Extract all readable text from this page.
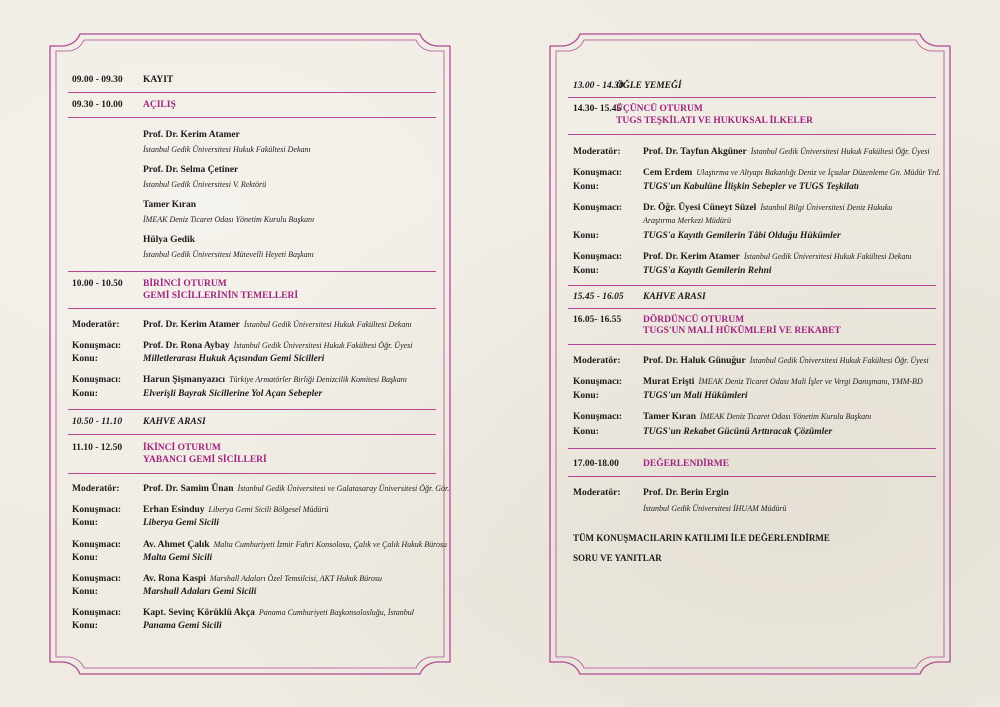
09.00 - 09.30 KAYIT
09.30 - 10.00 AÇILIŞ
Prof. Dr. Kerim Atamer
İstanbul Gedik Üniversitesi Hukuk Fakültesi Dekanı
Prof. Dr. Selma Çetiner
İstanbul Gedik Üniversitesi V. Rektörü
Tamer Kıran
İMEAK Deniz Ticaret Odası Yönetim Kurulu Başkanı
Hülya Gedik
İstanbul Gedik Üniversitesi Mütevelli Heyeti Başkanı
10.00 - 10.50 BİRİNCİ OTURUM
GEMİ SİCİLLERİNİN TEMELLERİ
Moderatör: Prof. Dr. Kerim Atamer İstanbul Gedik Üniversitesi Hukuk Fakültesi Dekanı
Konuşmacı: Prof. Dr. Rona Aybay İstanbul Gedik Üniversitesi Hukuk Fakültesi Öğr. Üyesi
Konu:	Milletlerarası Hukuk Açısından Gemi Sicilleri
Konuşmacı: Harun Şişmanyazıcı Türkiye Armatörler Birliği Denizcilik Komitesi Başkanı
Konu:	Elverişli Bayrak Sicillerine Yol Açan Sebepler
10.50 - 11.10 KAHVE ARASI
11.10 - 12.50 İKİNCİ OTURUM
YABANCI GEMİ SİCİLLERİ
Moderatör: Prof. Dr. Samim Ünan İstanbul Gedik Üniversitesi ve Galatasaray Üniversitesi Öğr. Gör.
Konuşmacı: Erhan Esinduy Liberya Gemi Sicili Bölgesel Müdürü
Konu:	Liberya Gemi Sicili
Konuşmacı: Av. Ahmet Çalık Malta Cumhuriyeti İzmir Fahri Konsolosu, Çalık ve Çalık Hukuk Bürosu
Konu:	Malta Gemi Sicili
Konuşmacı: Av. Rona Kaspi Marshall Adaları Özel Temsilcisi, AKT Hukuk Bürosu
Konu:	Marshall Adaları Gemi Sicili
Konuşmacı: Kapt. Sevinç Körüklü Akça Panama Cumhuriyeti Başkonsolosluğu, İstanbul
Konu:	Panama Gemi Sicili
13.00 - 14.30
ÖĞLE YEMEĞİ
14.30- 15.45
ÜÇÜNCÜ OTURUM
TUGS TEŞKİLATI VE HUKUKSAL İLKELER
Moderatör: Prof. Dr. Tayfun Akgüner İstanbul Gedik Üniversitesi Hukuk Fakültesi Öğr. Üyesi
Konuşmacı: Cem Erdem Ulaştırma ve Altyapı Bakanlığı Deniz ve İçsular Düzenleme Gn. Müdür Yrd.
Konu:	TUGS'un Kabulüne İlişkin Sebepler ve TUGS Teşkilatı
Konuşmacı: Dr. Öğr. Üyesi Cüneyt Süzel İstanbul Bilgi Üniversitesi Deniz Hukuku
Araştırma Merkezi Müdürü
Konu:	TUGS'a Kayıtlı Gemilerin Tâbi Olduğu Hükümler
Konuşmacı: Prof. Dr. Kerim Atamer İstanbul Gedik Üniversitesi Hukuk Fakültesi Dekanı
Konu:	TUGS'a Kayıtlı Gemilerin Rehni
15.45 - 16.05 KAHVE ARASI
16.05- 16.55 DÖRDÜNCÜ OTURUM
TUGS'UN MALİ HÜKÜMLERİ VE REKABET
Moderatör: Prof. Dr. Haluk Günuğur İstanbul Gedik Üniversitesi Hukuk Fakültesi Öğr. Üyesi
Konuşmacı: Murat Erişti İMEAK Deniz Ticaret Odası Mali İşler ve Vergi Danışmanı, YMM-BD
Konu:	TUGS'un Mali Hükümleri
Konuşmacı: Tamer Kıran İMEAK Deniz Ticaret Odası Yönetim Kurulu Başkanı
Konu:	TUGS'un Rekabet Gücünü Arttıracak Çözümler
17.00-18.00	DEĞERLENDİRME
Moderatör: Prof. Dr. Berin Ergin
İstanbul Gedik Üniversitesi İHUAM Müdürü
TÜM KONUŞMACILARIN KATILIMI İLE DEĞERLENDİRME
SORU VE YANITLAR
